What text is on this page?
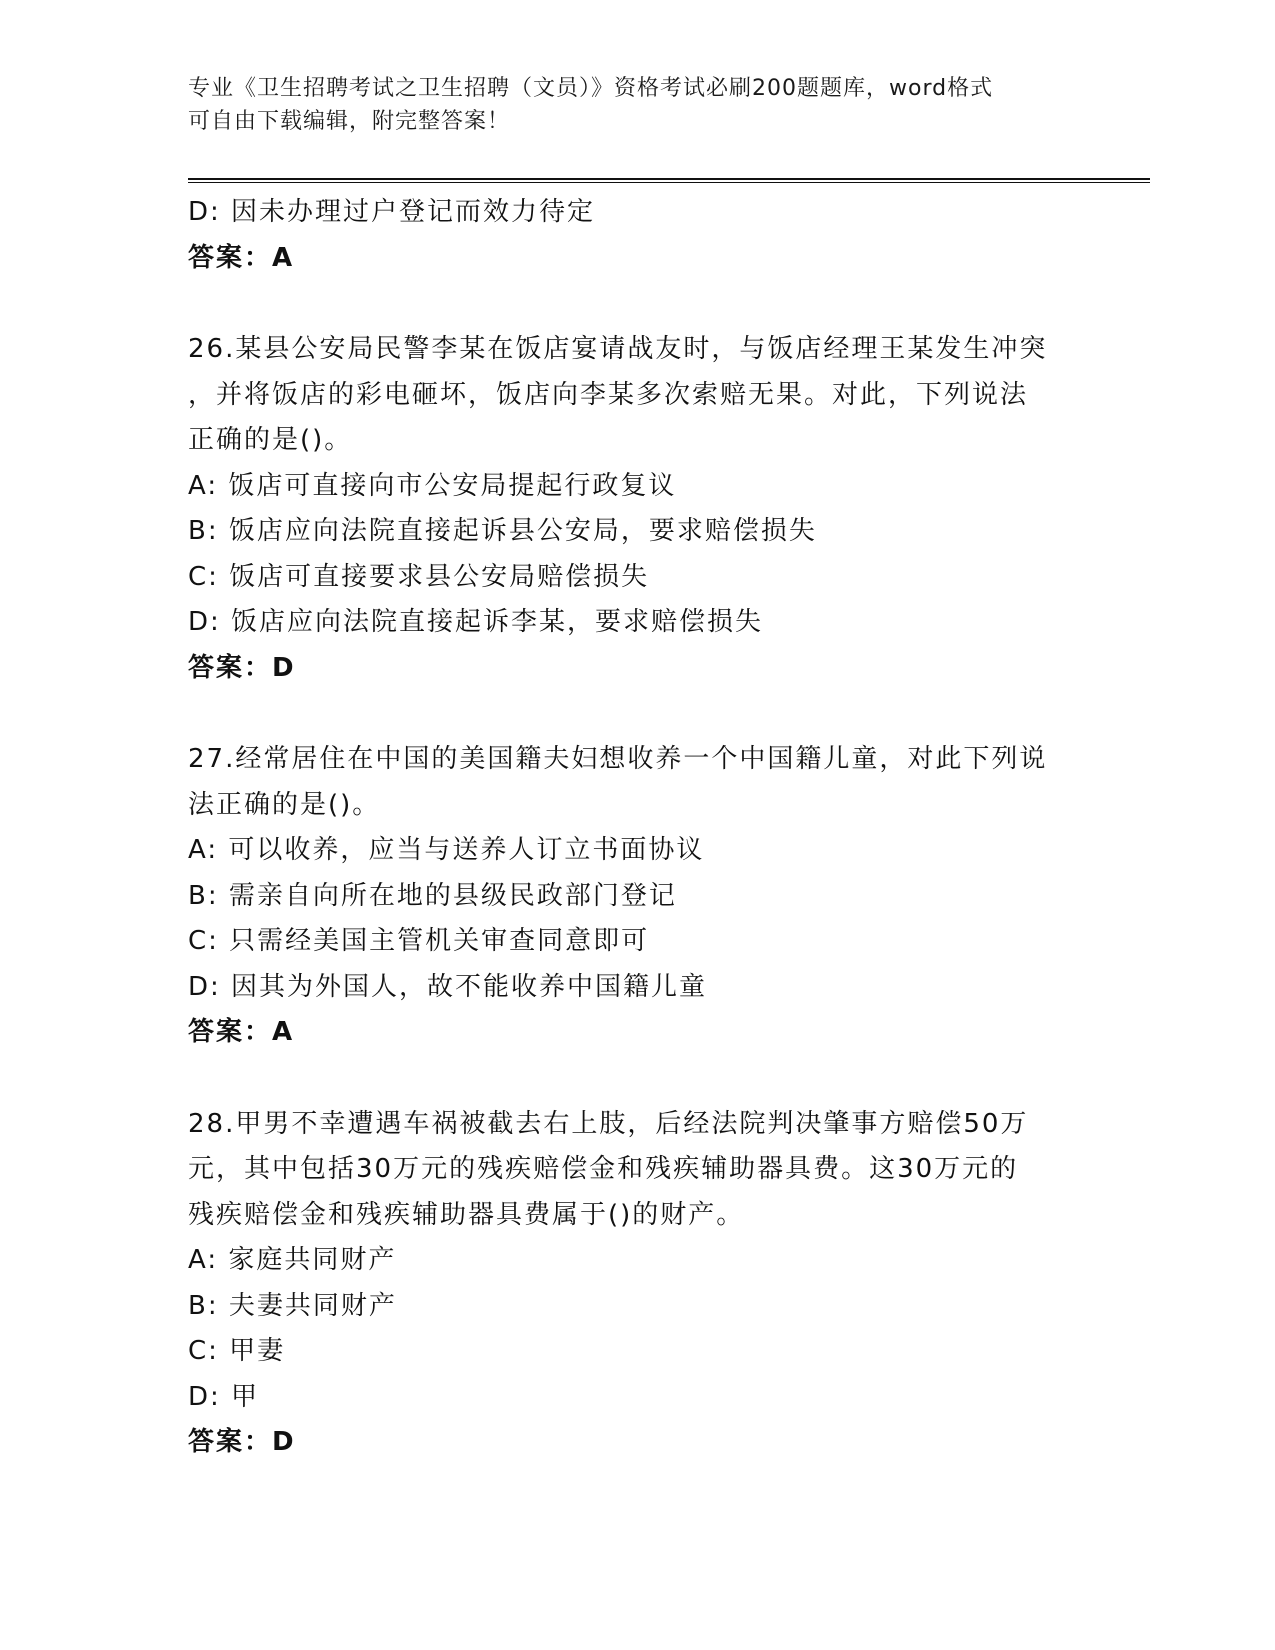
专业《卫生招聘考试之卫生招聘（文员）》资格考试必刷200题题库，word格式
可自由下载编辑，附完整答案！
D: 因未办理过户登记而效力待定
答案：A
26.某县公安局民警李某在饭店宴请战友时，与饭店经理王某发生冲突
，并将饭店的彩电砸坏，饭店向李某多次索赔无果。对此，下列说法
正确的是()。
A: 饭店可直接向市公安局提起行政复议
B: 饭店应向法院直接起诉县公安局，要求赔偿损失
C: 饭店可直接要求县公安局赔偿损失
D: 饭店应向法院直接起诉李某，要求赔偿损失
答案：D
27.经常居住在中国的美国籍夫妇想收养一个中国籍儿童，对此下列说
法正确的是()。
A: 可以收养，应当与送养人订立书面协议
B: 需亲自向所在地的县级民政部门登记
C: 只需经美国主管机关审查同意即可
D: 因其为外国人，故不能收养中国籍儿童
答案：A
28.甲男不幸遭遇车祸被截去右上肢，后经法院判决肇事方赔偿50万
元，其中包括30万元的残疾赔偿金和残疾辅助器具费。这30万元的
残疾赔偿金和残疾辅助器具费属于()的财产。
A: 家庭共同财产
B: 夫妻共同财产
C: 甲妻
D: 甲
答案：D
